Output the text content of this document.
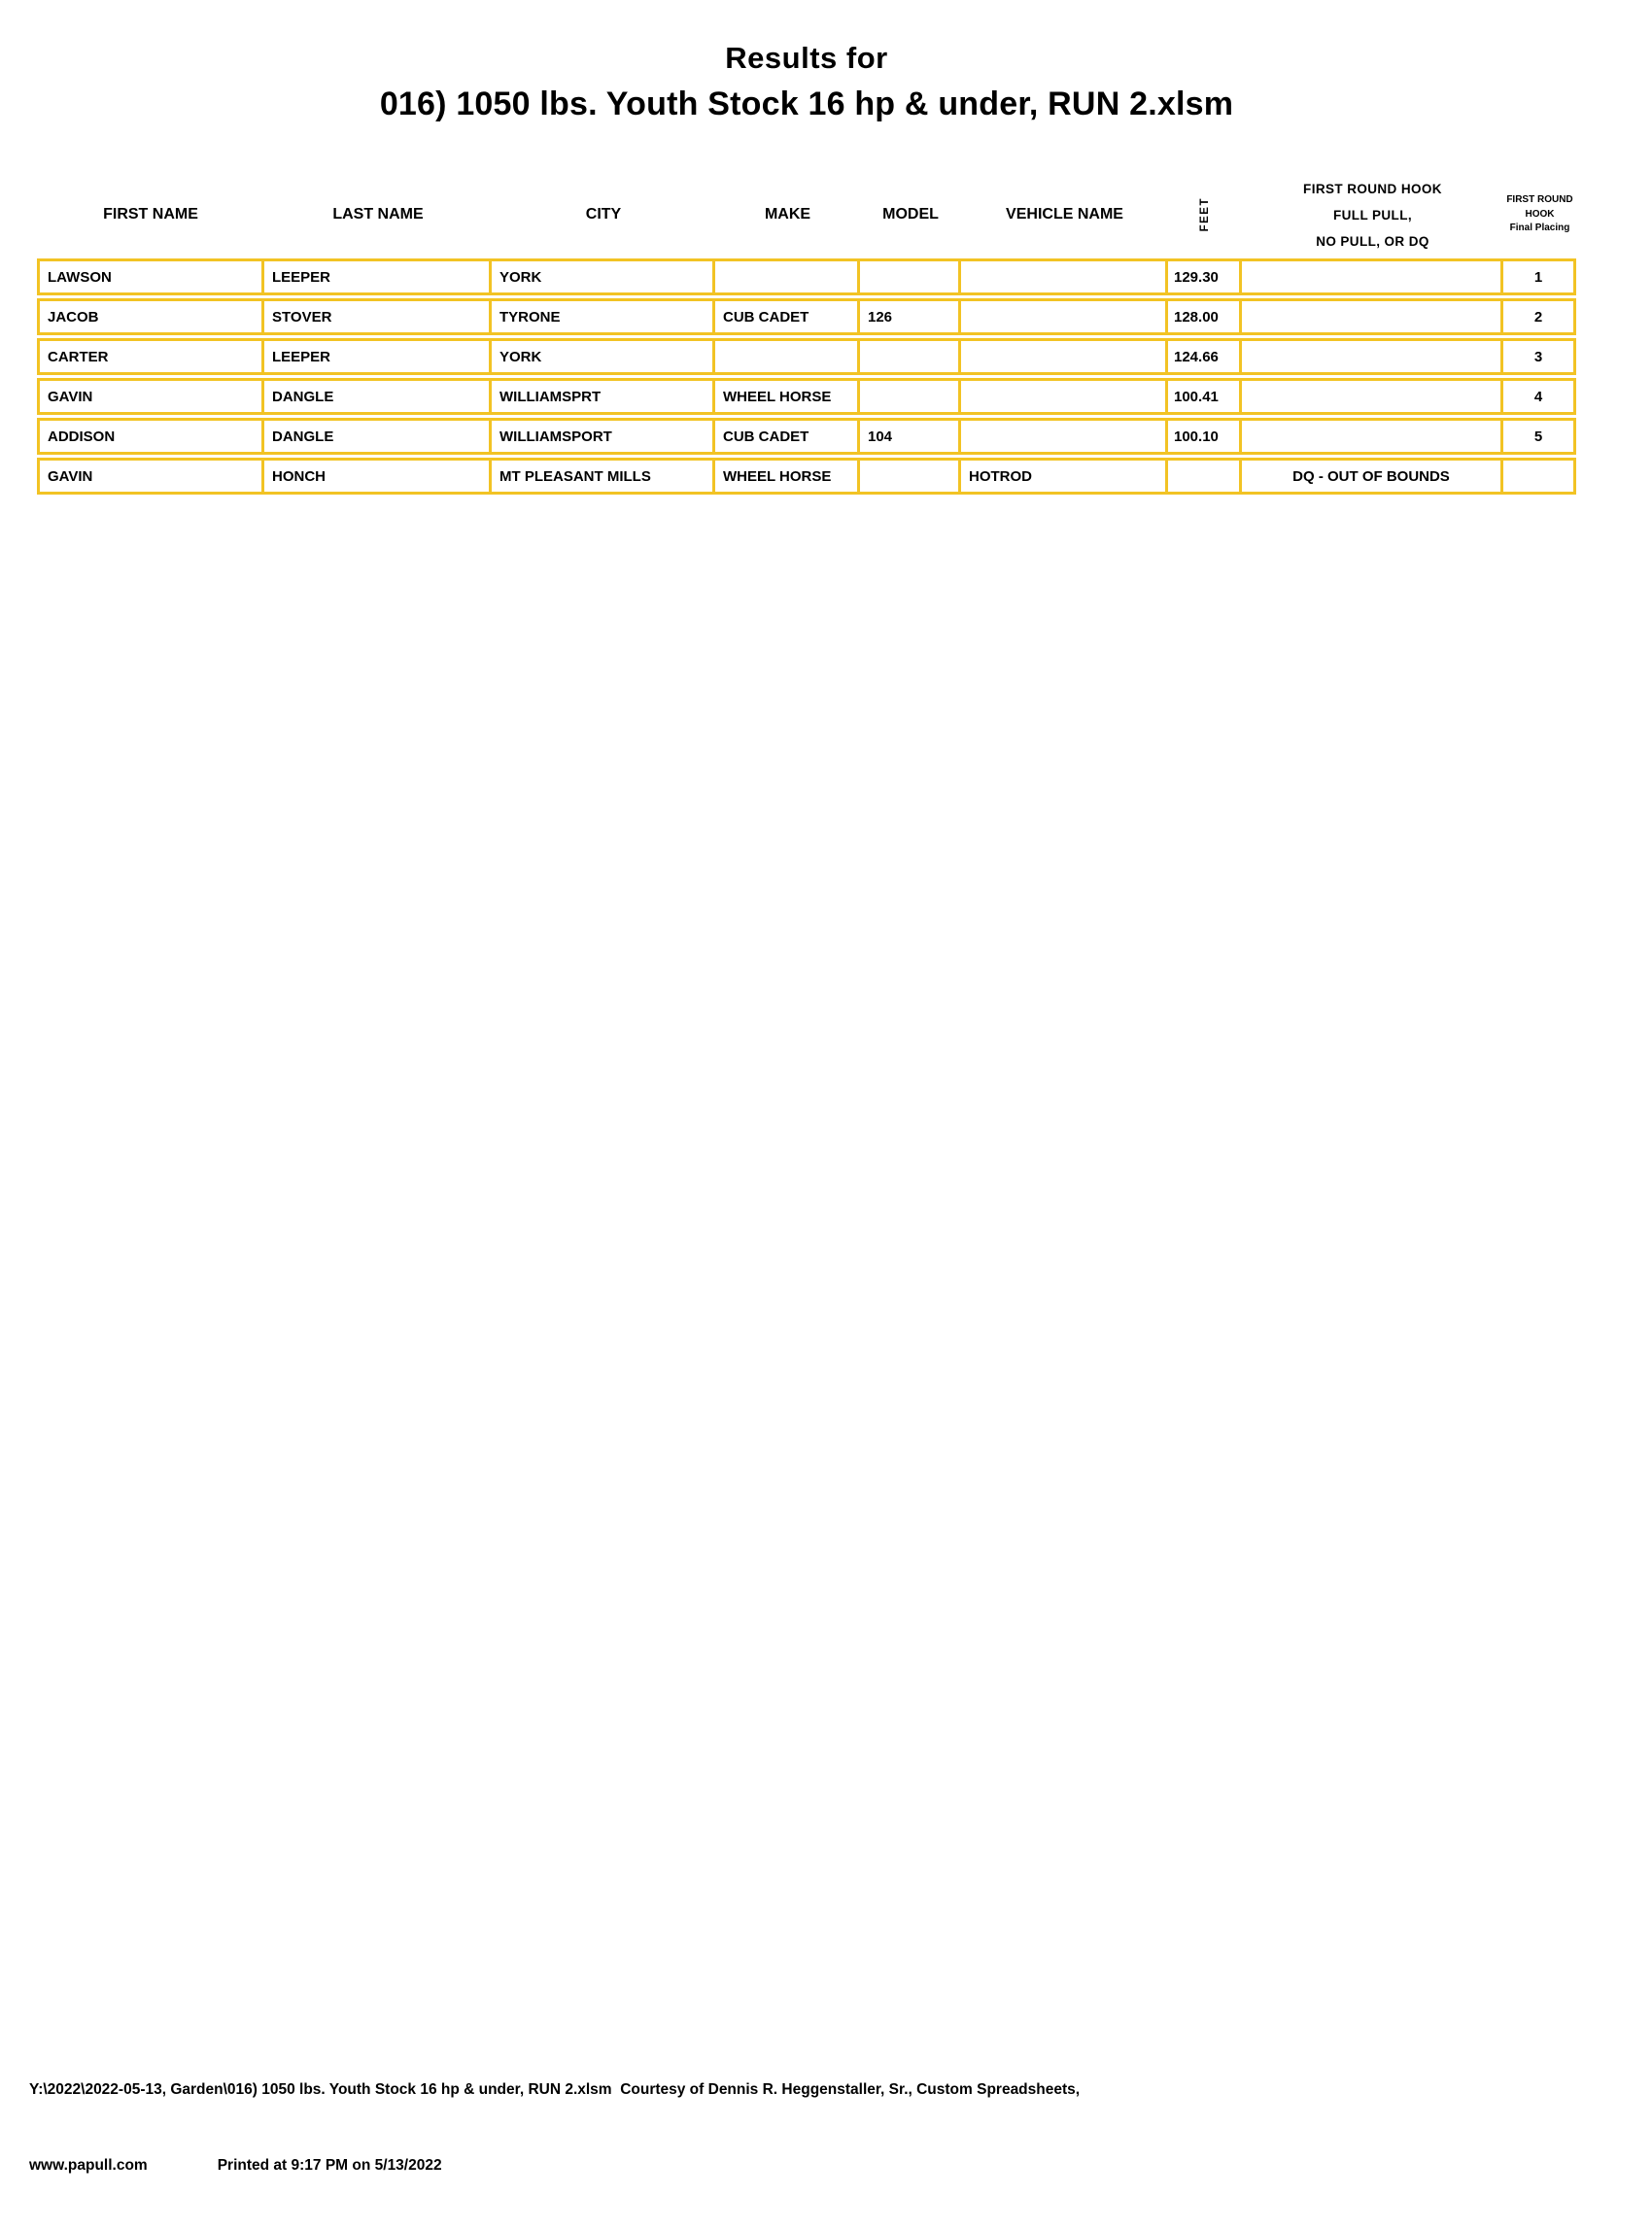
Results for
016) 1050 lbs. Youth Stock 16 hp & under, RUN 2.xlsm
FIRST NAME	LAST NAME	CITY	MAKE	MODEL	VEHICLE NAME	FEET
FIRST ROUND HOOK
FULL PULL,
NO PULL, OR DQ
FIRST ROUND
HOOK
Final Placing
LAWSON	LEEPER	YORK				129.30		1
JACOB	STOVER	TYRONE	CUB CADET	126		128.00		2
CARTER	LEEPER	YORK				124.66		3
GAVIN	DANGLE	WILLIAMSPRT	WHEEL HORSE			100.41		4
ADDISON	DANGLE	WILLIAMSPORT	CUB CADET	104		100.10		5
GAVIN	HONCH	MT PLEASANT MILLS	WHEEL HORSE		HOTROD		DQ - OUT OF BOUNDS	

Y:\2022\2022-05-13, Garden\016) 1050 lbs. Youth Stock 16 hp & under, RUN 2.xlsm  Courtesy of Dennis R. Heggenstaller, Sr., Custom Spreadsheets,

www.papull.com	Printed at 9:17 PM on 5/13/2022
